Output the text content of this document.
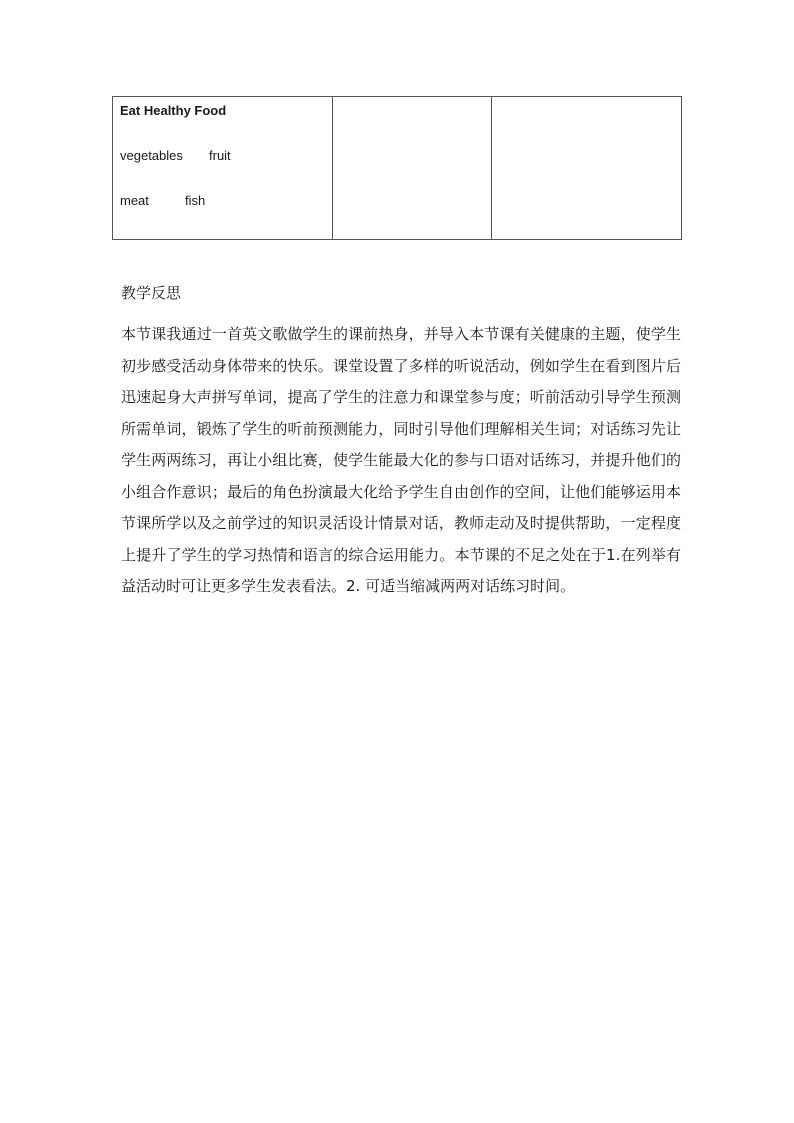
Eat Healthy Food
vegetables fruit
meat	fish

教学反思
本节课我通过一首英文歌做学生的课前热身，并导入本节课有关健康的主题，使学生初步感受活动身体带来的快乐。课堂设置了多样的听说活动，例如学生在看到图片后迅速起身大声拼写单词，提高了学生的注意力和课堂参与度；听前活动引导学生预测所需单词，锻炼了学生的听前预测能力，同时引导他们理解相关生词；对话练习先让学生两两练习，再让小组比赛，使学生能最大化的参与口语对话练习，并提升他们的小组合作意识；最后的角色扮演最大化给予学生自由创作的空间，让他们能够运用本节课所学以及之前学过的知识灵活设计情景对话，教师走动及时提供帮助，一定程度上提升了学生的学习热情和语言的综合运用能力。本节课的不足之处在于1.在列举有益活动时可让更多学生发表看法。2. 可适当缩减两两对话练习时间。
